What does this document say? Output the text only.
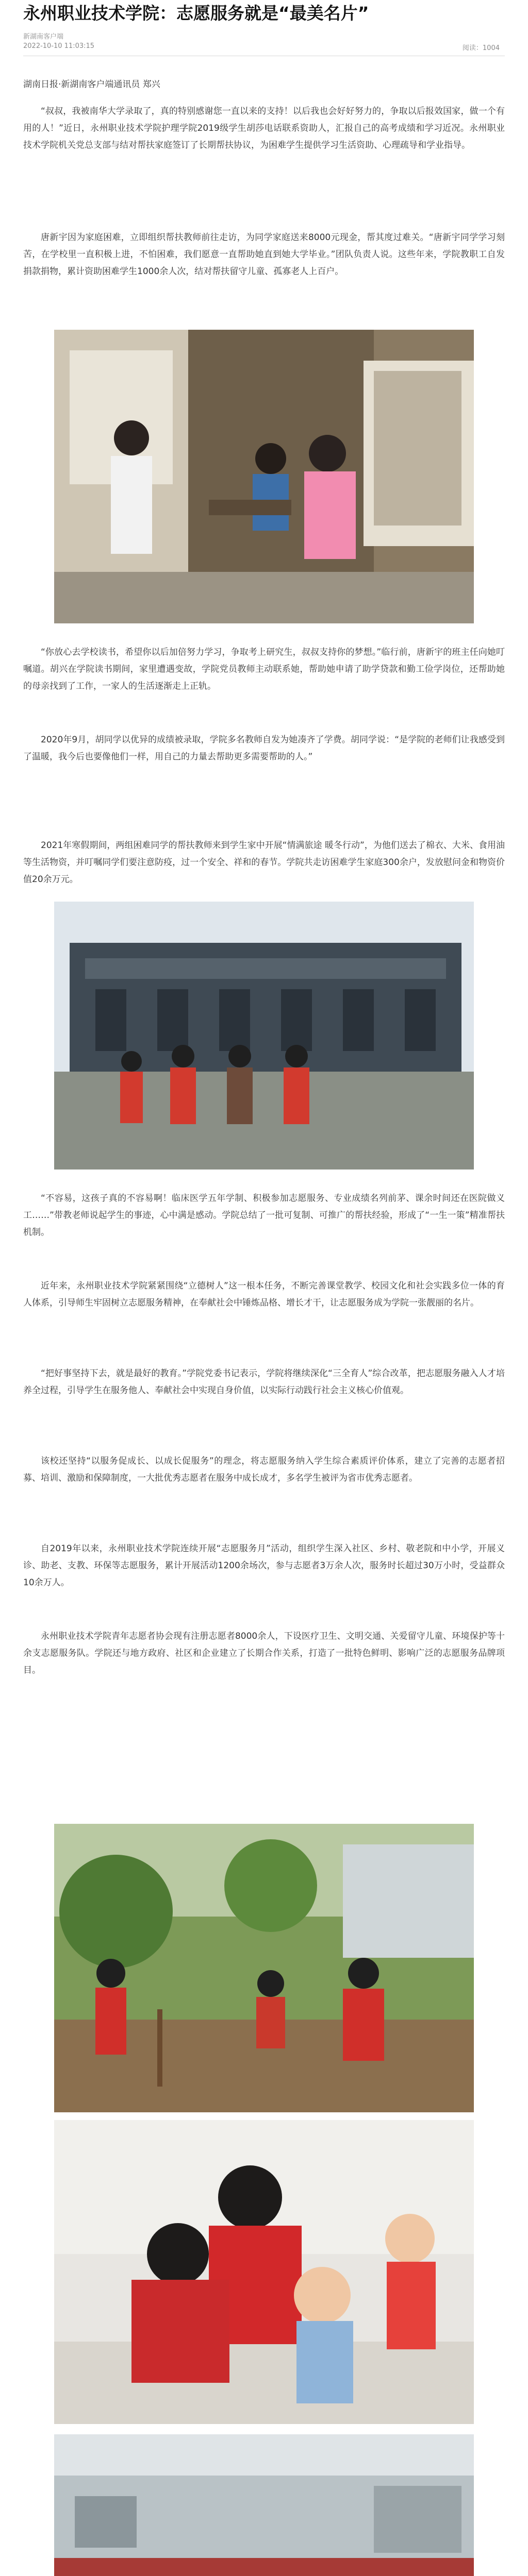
永州职业技术学院：志愿服务就是“最美名片”
新湖南客户端
2022-10-10 11:03:15	阅读：1004

湖南日报·新湖南客户端通讯员 郑兴

“叔叔，我被南华大学录取了，真的特别感谢您一直以来的支持！以后我也会好好努力的，争取以后报效国家，做一个有用的人！”近日，永州职业技术学院护理学院2019级学生胡莎电话联系资助人，汇报自己的高考成绩和学习近况。永州职业技术学院机关党总支部与结对帮扶家庭签订了长期帮扶协议，为困难学生提供学习生活资助、心理疏导和学业指导。

唐新宇因为家庭困难，立即组织帮扶教师前往走访，为同学家庭送来8000元现金，帮其度过难关。“唐新宇同学学习刻苦，在学校里一直积极上进，不怕困难，我们愿意一直帮助她直到她大学毕业。”团队负责人说。这些年来，学院教职工自发捐款捐物，累计资助困难学生1000余人次，结对帮扶留守儿童、孤寡老人上百户。

“你放心去学校读书，希望你以后加倍努力学习，争取考上研究生，叔叔支持你的梦想。”临行前，唐新宇的班主任向她叮嘱道。胡兴在学院读书期间，家里遭遇变故，学院党员教师主动联系她，帮助她申请了助学贷款和勤工俭学岗位，还帮助她的母亲找到了工作，一家人的生活逐渐走上正轨。

2020年9月，胡同学以优异的成绩被录取，学院多名教师自发为她凑齐了学费。胡同学说：“是学院的老师们让我感受到了温暖，我今后也要像他们一样，用自己的力量去帮助更多需要帮助的人。”

2021年寒假期间，两组困难同学的帮扶教师来到学生家中开展“情满旅途 暖冬行动”，为他们送去了棉衣、大米、食用油等生活物资，并叮嘱同学们要注意防疫，过一个安全、祥和的春节。学院共走访困难学生家庭300余户，发放慰问金和物资价值20余万元。

“不容易，这孩子真的不容易啊！临床医学五年学制、积极参加志愿服务、专业成绩名列前茅、课余时间还在医院做义工……”带教老师说起学生的事迹，心中满是感动。学院总结了一批可复制、可推广的帮扶经验，形成了“一生一策”精准帮扶机制。

近年来，永州职业技术学院紧紧围绕“立德树人”这一根本任务，不断完善课堂教学、校园文化和社会实践多位一体的育人体系，引导师生牢固树立志愿服务精神，在奉献社会中锤炼品格、增长才干，让志愿服务成为学院一张靓丽的名片。

“把好事坚持下去，就是最好的教育。”学院党委书记表示，学院将继续深化“三全育人”综合改革，把志愿服务融入人才培养全过程，引导学生在服务他人、奉献社会中实现自身价值，以实际行动践行社会主义核心价值观。

该校还坚持“以服务促成长、以成长促服务”的理念，将志愿服务纳入学生综合素质评价体系，建立了完善的志愿者招募、培训、激励和保障制度，一大批优秀志愿者在服务中成长成才，多名学生被评为省市优秀志愿者。

自2019年以来，永州职业技术学院连续开展“志愿服务月”活动，组织学生深入社区、乡村、敬老院和中小学，开展义诊、助老、支教、环保等志愿服务，累计开展活动1200余场次，参与志愿者3万余人次，服务时长超过30万小时，受益群众10余万人。

永州职业技术学院青年志愿者协会现有注册志愿者8000余人，下设医疗卫生、文明交通、关爱留守儿童、环境保护等十余支志愿服务队。学院还与地方政府、社区和企业建立了长期合作关系，打造了一批特色鲜明、影响广泛的志愿服务品牌项目。
